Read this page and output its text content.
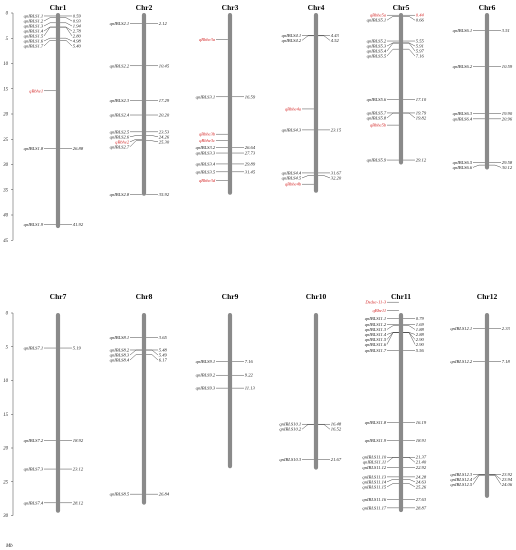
0
5
10
15
20
25
30
35
40
45
Chr1
qnIBLS1.1
qnIBLS1.2
qnIBLS1.3
qnIBLS1.4
qnIBLS1.5
qnIBLS1.6
qnIBLS1.7
qBbhe1
qnIBLS1.8
qnIBLS1.9
0.59
0.93
1.94
2.78
2.80
4.98
5.40
26.88
41.92
Chr2
qnIBLS2.1
qnIBLS2.2
qnIBLS2.3
qnIBLS2.4
qnIBLS2.5
qnIBLS2.6
qBbhe2
qnIBLS2.7
qnIBLS2.8
2.12
10.45
17.29
20.20
23.53
24.26
25.30
35.92
Chr3
qBbhe3a
qnIBLS3.1
qBbhe3b
qBbhe3c
qnIBLS3.2
qnIBLS3.3
qnIBLS3.4
qnIBLS3.5
qBbhe3d
16.59
26.64
27.73
29.89
31.45
Chr4
qnIBLS4.1
qnIBLS4.2
qBbhe4a
qnIBLS4.3
qnIBLS4.4
qnIBLS4.5
qBbhe4b
4.43
4.52
23.15
31.67
32.20
Chr5
qBbhe5a
qnIBLS5.1
qnIBLS5.2
qnIBLS5.3
qnIBLS5.4
qnIBLS5.5
qnIBLS5.6
qnIBLS5.7
qnIBLS5.8
qBbhe5b
qnIBLS5.9
0.44
0.66
5.55
5.91
5.97
7.16
17.10
19.79
19.82
29.12
Chr6
qnIBLS6.1
qnIBLS6.2
qnIBLS6.3
qnIBLS6.4
qnIBLS6.5
qnIBLS6.6
3.51
10.59
19.90
20.96
29.58
30.12
0
5
10
15
20
25
30
Chr7
qnIBLS7.1
qnIBLS7.2
qnIBLS7.3
qnIBLS7.4
5.19
18.92
23.12
28.12
Chr8
qnIBLS8.1
qnIBLS8.2
qnIBLS8.3
qnIBLS8.4
qnIBLS8.5
3.65
5.48
5.49
6.17
26.84
Chr9
qnIBLS9.1
qnIBLS9.2
qnIBLS9.3
7.16
9.22
11.13
Chr10
qnIBLS10.1
qnIBLS10.2
qnIBLS10.3
16.48
16.52
21.67
Chr11
Dsdse-11-3
qBbe11
qnIBLS11.1
qnIBLS11.2
qnIBLS11.3
qnIBLS11.4
qnIBLS11.5
qnIBLS11.6
qnIBLS11.7
qnIBLS11.8
qnIBLS11.9
qnIBLS11.10
qnIBLS11.11
qnIBLS11.12
qnIBLS11.13
qnIBLS11.14
qnIBLS11.15
qnIBLS11.16
qnIBLS11.17
0.79
1.69
1.88
2.88
2.90
2.90
5.56
16.19
18.91
21.37
21.40
22.92
24.28
24.63
25.26
27.63
28.87
Chr12
qnIBLS12.1
qnIBLS12.2
qnIBLS12.3
qnIBLS12.4
qnIBLS12.5
2.33
7.18
23.92
23.94
24.06
Mb
